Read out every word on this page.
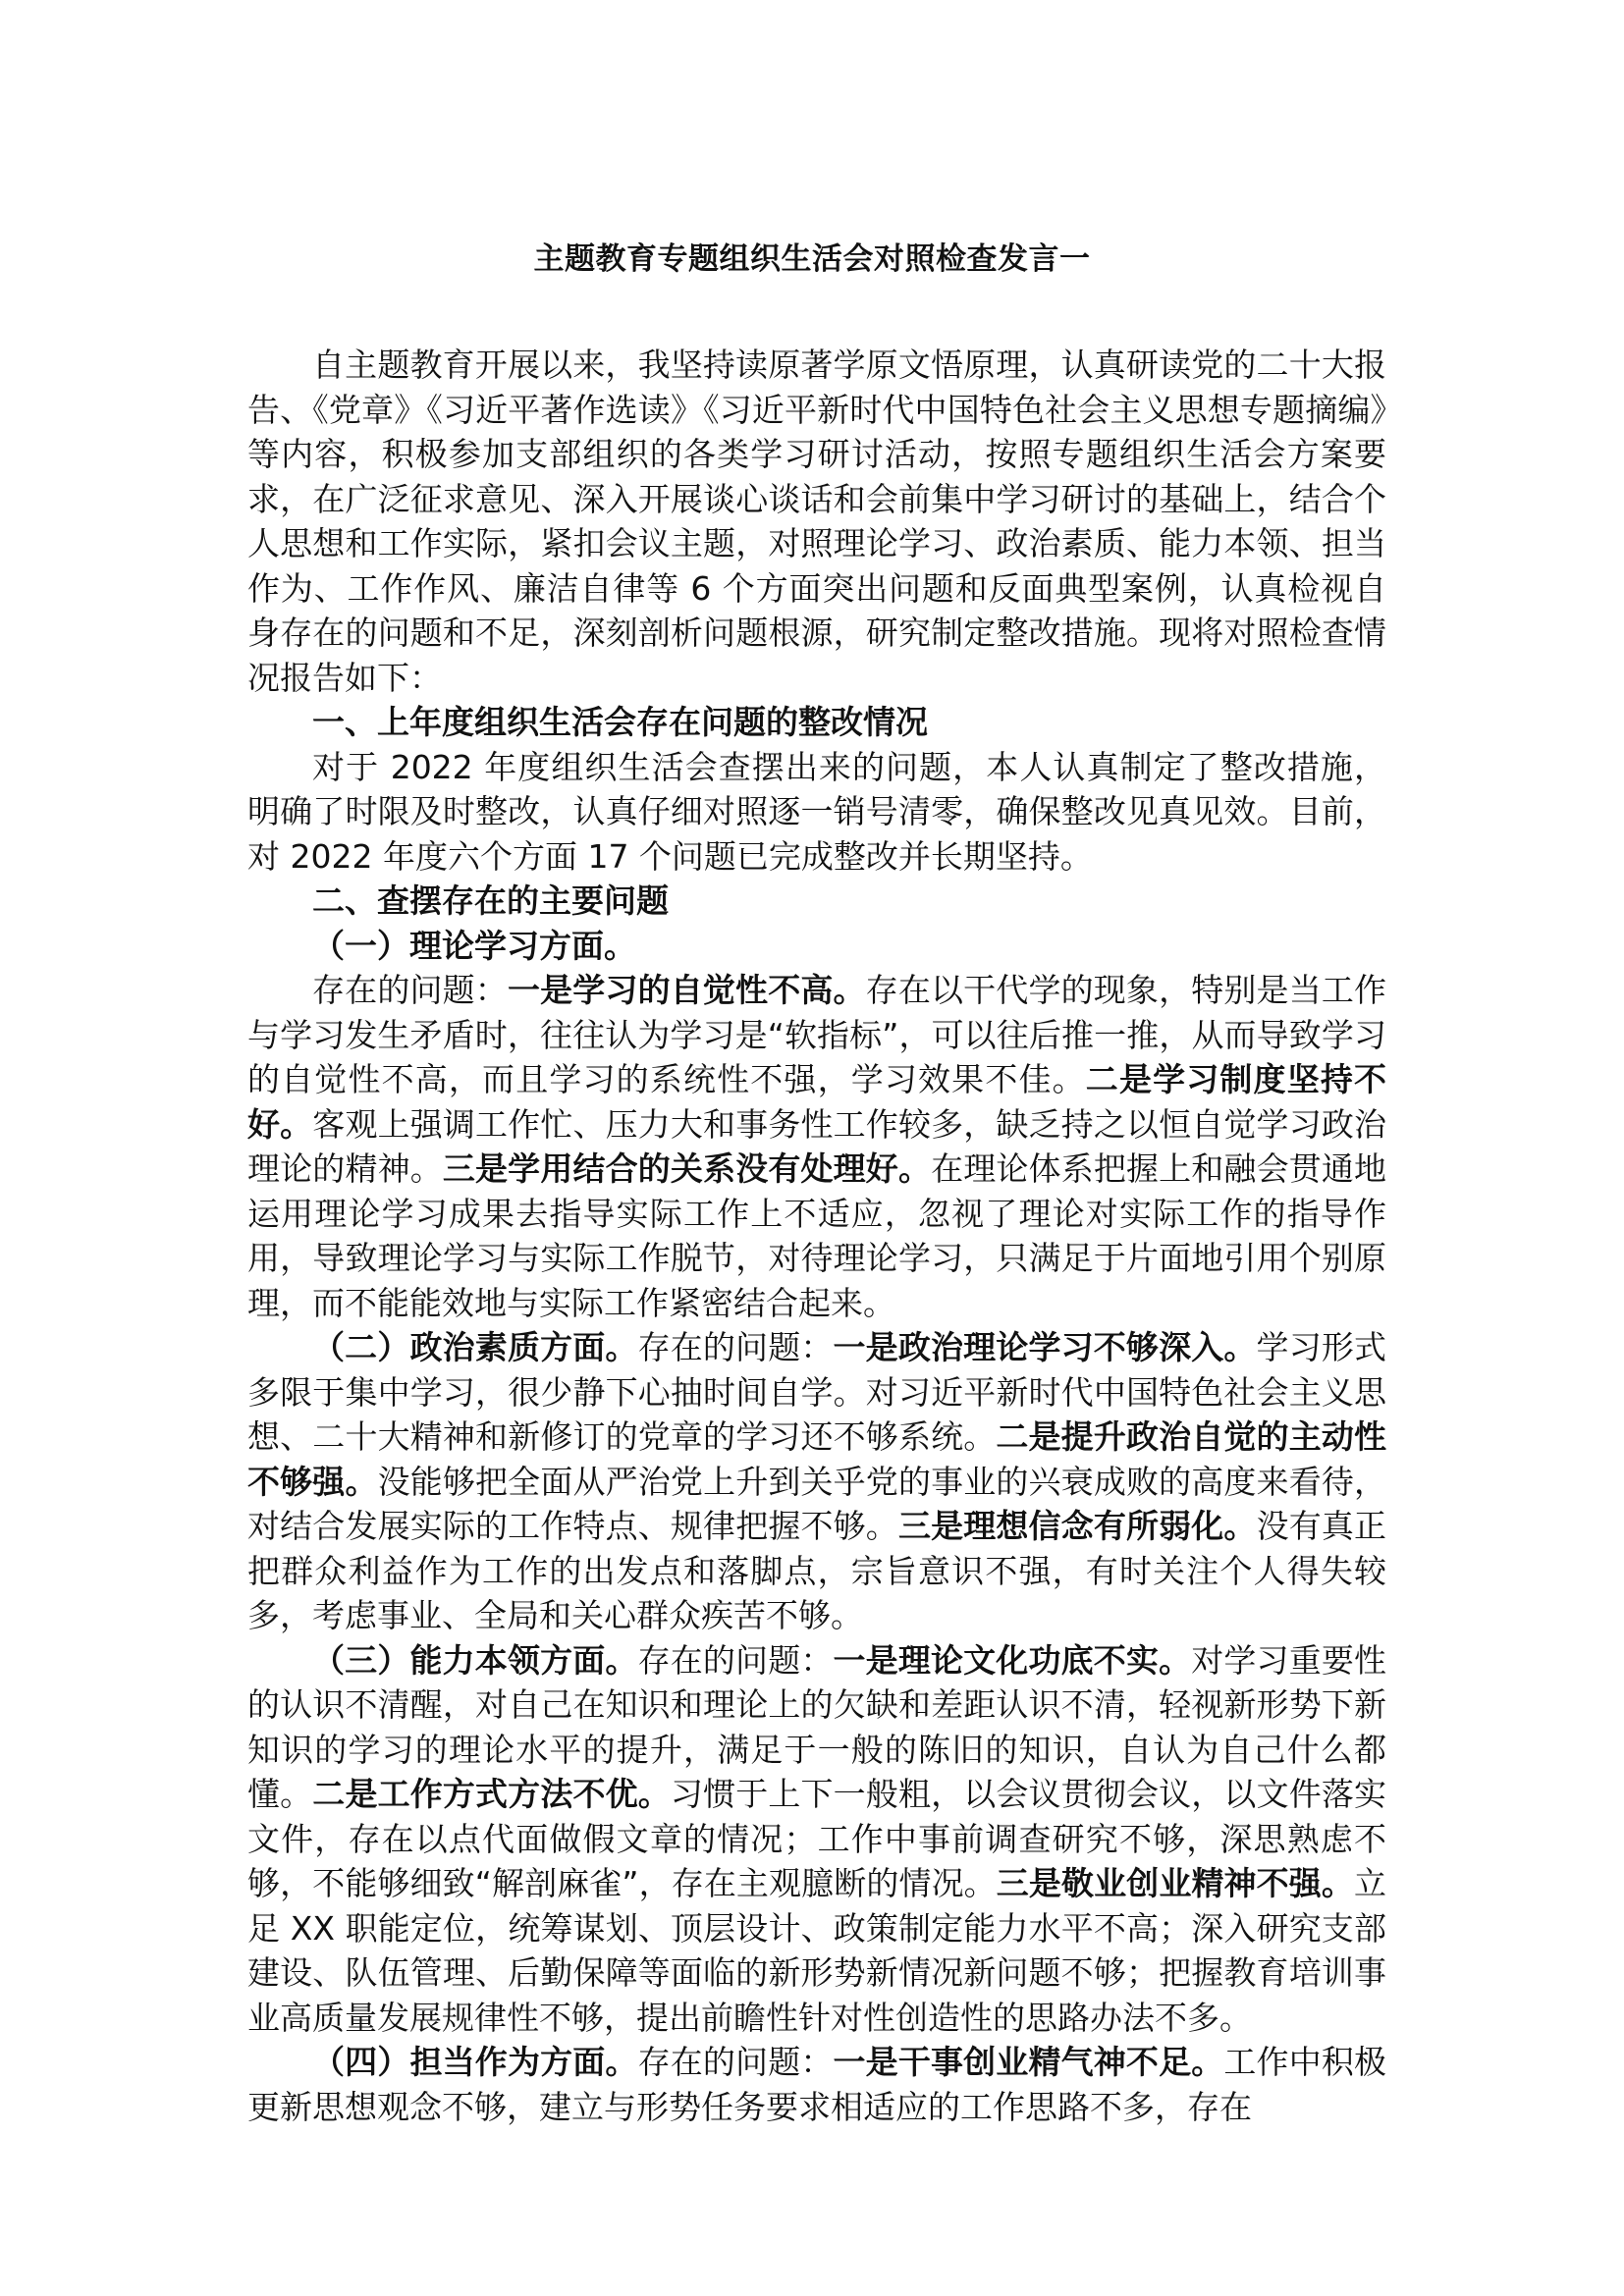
主题教育专题组织生活会对照检查发言一

自主题教育开展以来，我坚持读原著学原文悟原理，认真研读党的二十大报告、《党章》《习近平著作选读》《习近平新时代中国特色社会主义思想专题摘编》等内容，积极参加支部组织的各类学习研讨活动，按照专题组织生活会方案要求，在广泛征求意见、深入开展谈心谈话和会前集中学习研讨的基础上，结合个人思想和工作实际，紧扣会议主题，对照理论学习、政治素质、能力本领、担当作为、工作作风、廉洁自律等 6 个方面突出问题和反面典型案例，认真检视自身存在的问题和不足，深刻剖析问题根源，研究制定整改措施。现将对照检查情况报告如下：

一、上年度组织生活会存在问题的整改情况

对于 2022 年度组织生活会查摆出来的问题，本人认真制定了整改措施，明确了时限及时整改，认真仔细对照逐一销号清零，确保整改见真见效。目前，对 2022 年度六个方面 17 个问题已完成整改并长期坚持。

二、查摆存在的主要问题

（一）理论学习方面。

存在的问题：一是学习的自觉性不高。存在以干代学的现象，特别是当工作与学习发生矛盾时，往往认为学习是“软指标”，可以往后推一推，从而导致学习的自觉性不高，而且学习的系统性不强，学习效果不佳。二是学习制度坚持不好。客观上强调工作忙、压力大和事务性工作较多，缺乏持之以恒自觉学习政治理论的精神。三是学用结合的关系没有处理好。在理论体系把握上和融会贯通地运用理论学习成果去指导实际工作上不适应，忽视了理论对实际工作的指导作用，导致理论学习与实际工作脱节，对待理论学习，只满足于片面地引用个别原理，而不能能效地与实际工作紧密结合起来。

（二）政治素质方面。存在的问题：一是政治理论学习不够深入。学习形式多限于集中学习，很少静下心抽时间自学。对习近平新时代中国特色社会主义思想、二十大精神和新修订的党章的学习还不够系统。二是提升政治自觉的主动性不够强。没能够把全面从严治党上升到关乎党的事业的兴衰成败的高度来看待，对结合发展实际的工作特点、规律把握不够。三是理想信念有所弱化。没有真正把群众利益作为工作的出发点和落脚点，宗旨意识不强，有时关注个人得失较多，考虑事业、全局和关心群众疾苦不够。

（三）能力本领方面。存在的问题：一是理论文化功底不实。对学习重要性的认识不清醒，对自己在知识和理论上的欠缺和差距认识不清，轻视新形势下新知识的学习的理论水平的提升，满足于一般的陈旧的知识，自认为自己什么都懂。二是工作方式方法不优。习惯于上下一般粗，以会议贯彻会议，以文件落实文件，存在以点代面做假文章的情况；工作中事前调查研究不够，深思熟虑不够，不能够细致“解剖麻雀”，存在主观臆断的情况。三是敬业创业精神不强。立足 XX 职能定位，统筹谋划、顶层设计、政策制定能力水平不高；深入研究支部建设、队伍管理、后勤保障等面临的新形势新情况新问题不够；把握教育培训事业高质量发展规律性不够，提出前瞻性针对性创造性的思路办法不多。

（四）担当作为方面。存在的问题：一是干事创业精气神不足。工作中积极更新思想观念不够，建立与形势任务要求相适应的工作思路不多，存在
